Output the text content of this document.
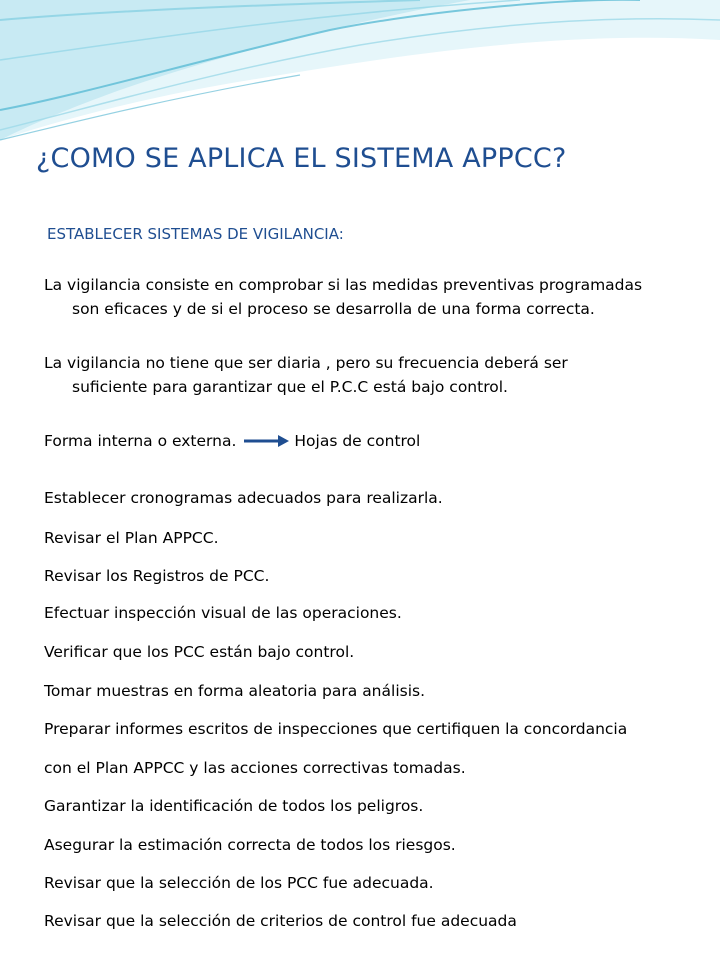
¿COMO SE APLICA EL SISTEMA APPCC?
ESTABLECER SISTEMAS DE VIGILANCIA:

La vigilancia consiste en comprobar si las medidas preventivas programadas
son eficaces y de si el proceso se desarrolla de una forma correcta.

La vigilancia no tiene que ser diaria , pero su frecuencia deberá ser
suficiente para garantizar que el P.C.C está bajo control.

Forma interna o externa.	Hojas de control
Establecer cronogramas adecuados para realizarla.
Revisar el Plan APPCC.
Revisar los Registros de PCC.
Efectuar inspección visual de las operaciones.
Verificar que los PCC están bajo control.
Tomar muestras en forma aleatoria para análisis.
Preparar informes escritos de inspecciones que certifiquen la concordancia
con el Plan APPCC y las acciones correctivas tomadas.
Garantizar la identificación de todos los peligros.
Asegurar la estimación correcta de todos los riesgos.
Revisar que la selección de los PCC fue adecuada.
Revisar que la selección de criterios de control fue adecuada
